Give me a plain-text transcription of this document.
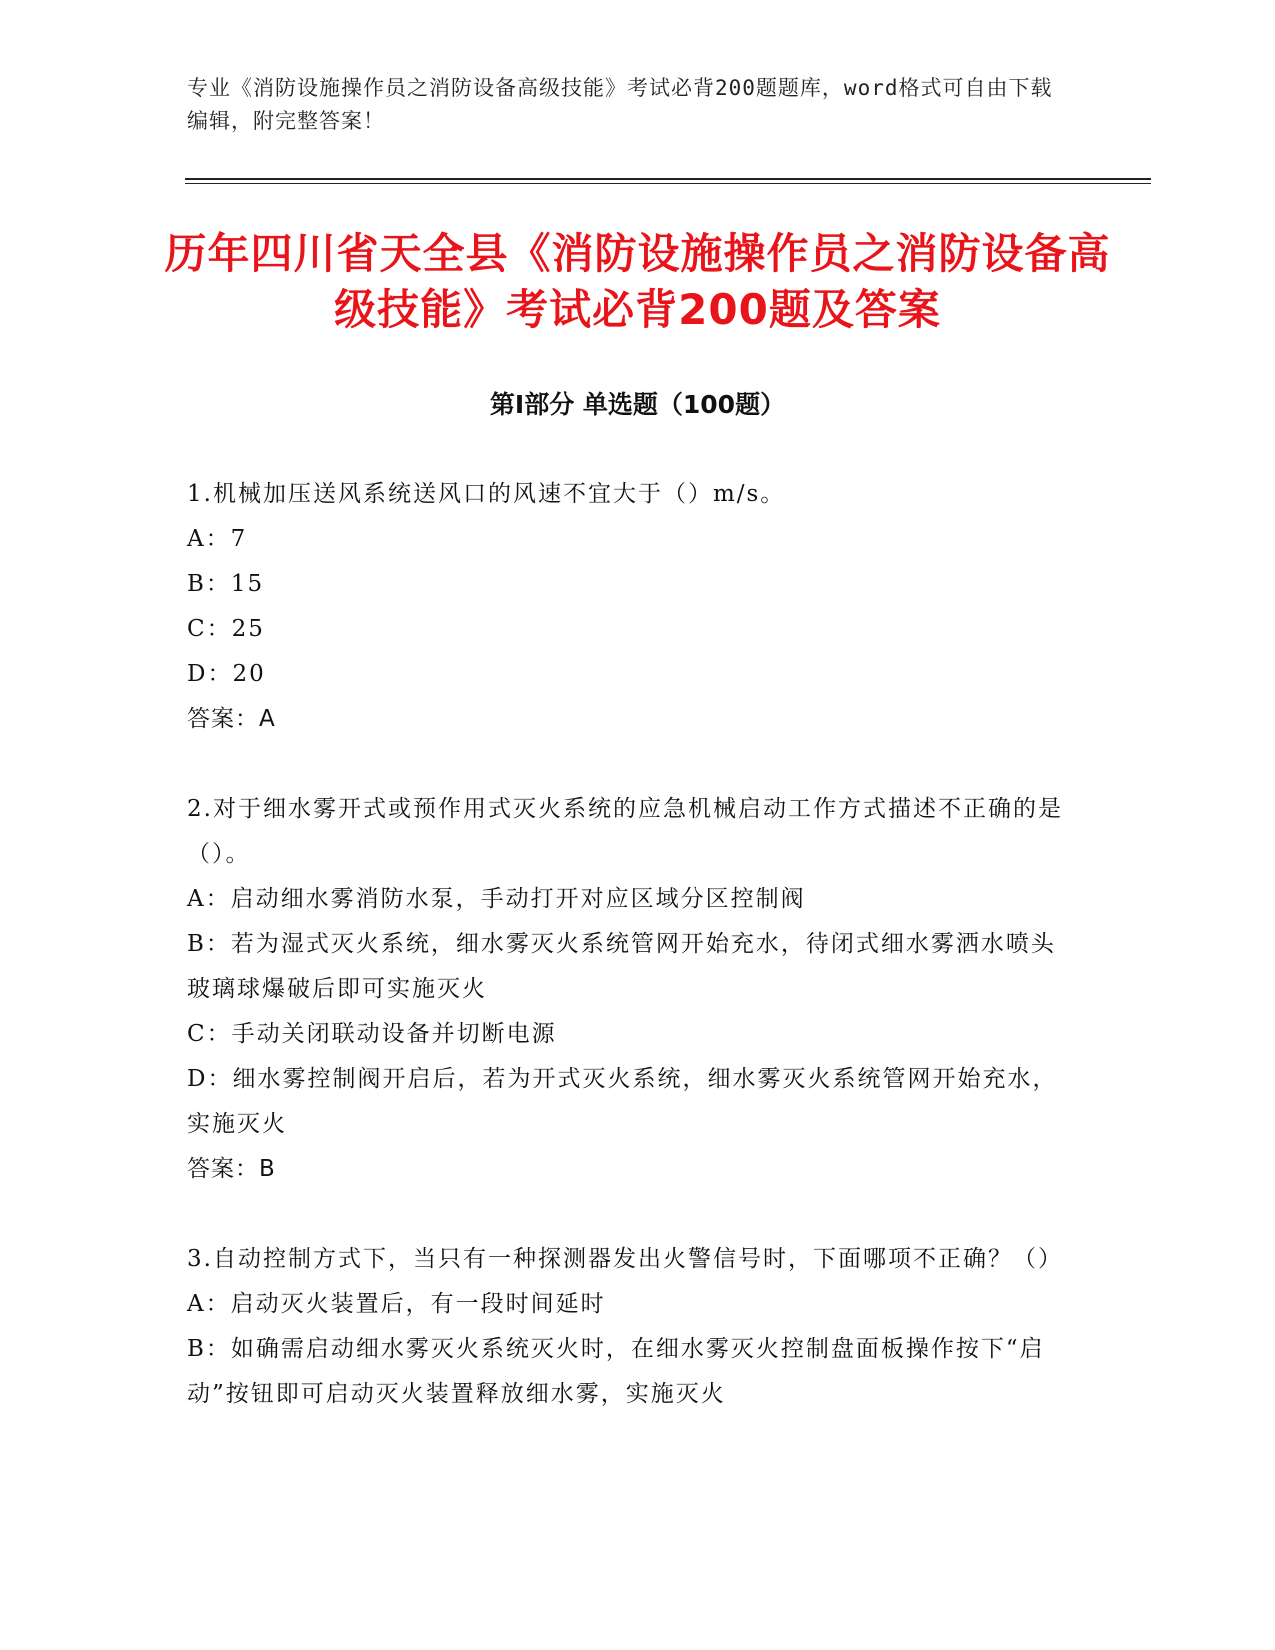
专业《消防设施操作员之消防设备高级技能》考试必背200题题库，word格式可自由下载编辑，附完整答案！
历年四川省天全县《消防设施操作员之消防设备高级技能》考试必背200题及答案
第Ⅰ部分 单选题（100题）
1.机械加压送风系统送风口的风速不宜大于（）m/s。
A：7
B：15
C：25
D：20
答案：A
2.对于细水雾开式或预作用式灭火系统的应急机械启动工作方式描述不正确的是（）。
A：启动细水雾消防水泵，手动打开对应区域分区控制阀
B：若为湿式灭火系统，细水雾灭火系统管网开始充水，待闭式细水雾洒水喷头玻璃球爆破后即可实施灭火
C：手动关闭联动设备并切断电源
D：细水雾控制阀开启后，若为开式灭火系统，细水雾灭火系统管网开始充水，实施灭火
答案：B
3.自动控制方式下，当只有一种探测器发出火警信号时，下面哪项不正确？（）
A：启动灭火装置后，有一段时间延时
B：如确需启动细水雾灭火系统灭火时，在细水雾灭火控制盘面板操作按下“启动”按钮即可启动灭火装置释放细水雾，实施灭火
